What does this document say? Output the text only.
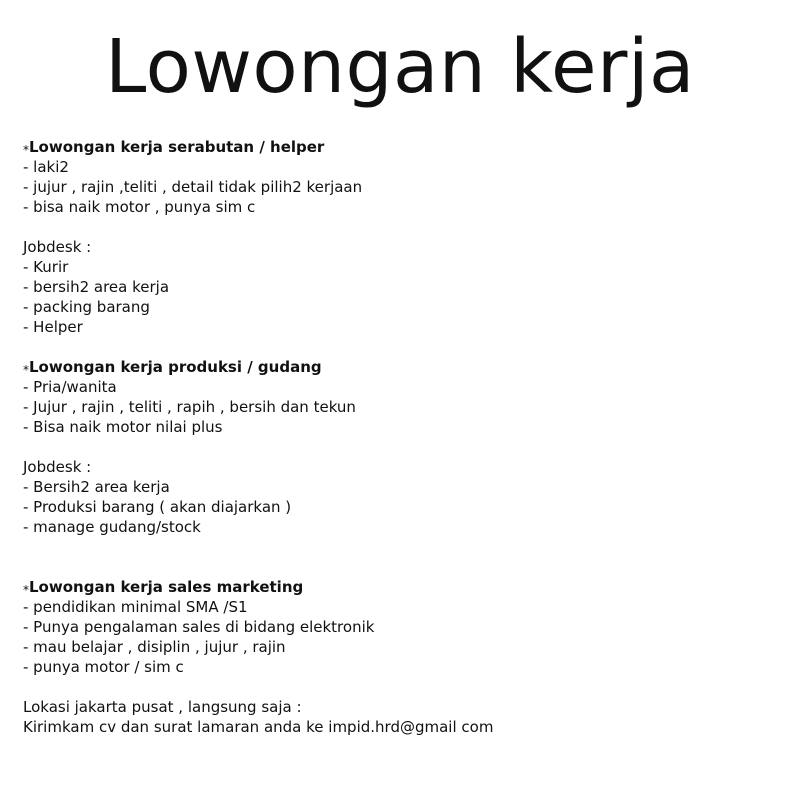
Lowongan kerja
*Lowongan kerja serabutan / helper
- laki2
- jujur , rajin ,teliti , detail tidak pilih2 kerjaan
- bisa naik motor , punya sim c
Jobdesk :
- Kurir
- bersih2 area kerja
- packing barang
- Helper
*Lowongan kerja produksi / gudang
- Pria/wanita
- Jujur , rajin , teliti , rapih , bersih dan tekun
- Bisa naik motor nilai plus
Jobdesk :
- Bersih2 area kerja
- Produksi barang ( akan diajarkan )
- manage gudang/stock
*Lowongan kerja sales marketing
- pendidikan minimal SMA /S1
- Punya pengalaman sales di bidang elektronik
- mau belajar , disiplin , jujur , rajin
- punya motor / sim c
Lokasi jakarta pusat , langsung saja :
Kirimkam cv dan surat lamaran anda ke impid.hrd@gmail com
